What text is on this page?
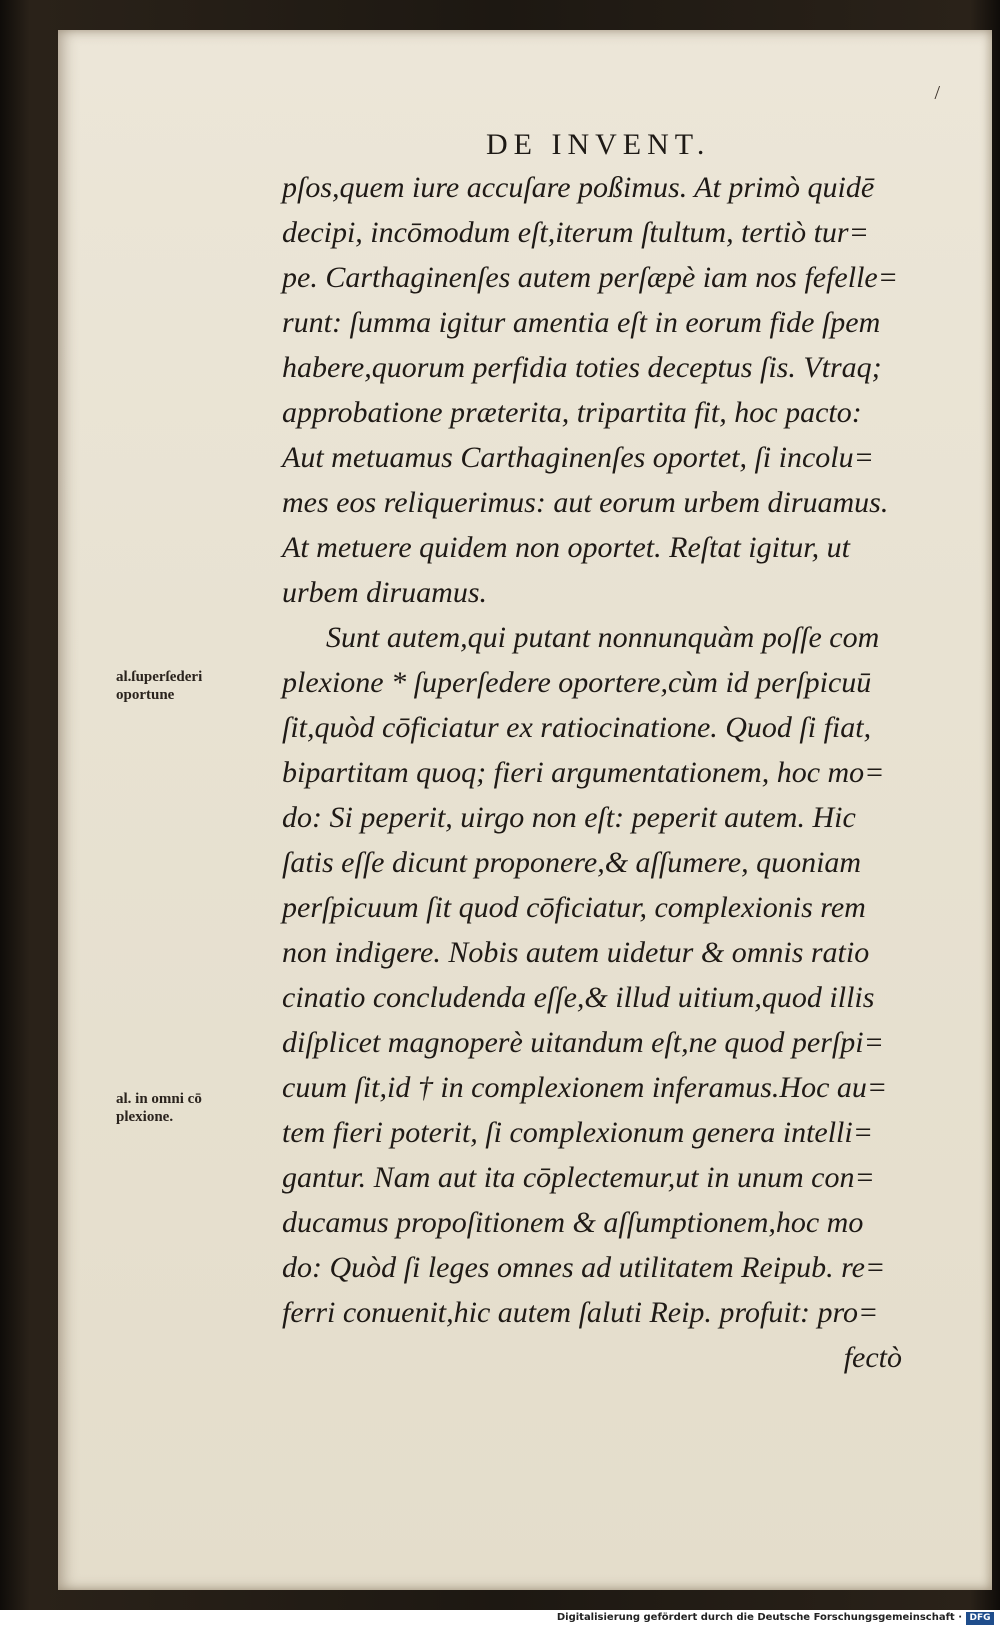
/
DE INVENT.
pſos,quem iure accuſare poßimus. At primò quidē
decipi, incōmodum eſt,iterum ſtultum, tertiò tur=
pe. Carthaginenſes autem perſæpè iam nos fefelle=
runt: ſumma igitur amentia eſt in eorum fide ſpem
habere,quorum perfidia toties deceptus ſis. Vtraq;
approbatione præterita, tripartita fit, hoc pacto:
Aut metuamus Carthaginenſes oportet, ſi incolu=
mes eos reliquerimus: aut eorum urbem diruamus.
At metuere quidem non oportet. Reſtat igitur, ut
urbem diruamus.
Sunt autem,qui putant nonnunquàm poſſe com
plexione * ſuperſedere oportere,cùm id perſpicuū
ſit,quòd cōficiatur ex ratiocinatione. Quod ſi fiat,
bipartitam quoq; fieri argumentationem, hoc mo=
do: Si peperit, uirgo non eſt: peperit autem. Hic
ſatis eſſe dicunt proponere,& aſſumere, quoniam
perſpicuum ſit quod cōficiatur, complexionis rem
non indigere. Nobis autem uidetur & omnis ratio
cinatio concludenda eſſe,& illud uitium,quod illis
diſplicet magnoperè uitandum eſt,ne quod perſpi=
cuum ſit,id † in complexionem inferamus.Hoc au=
tem fieri poterit, ſi complexionum genera intelli=
gantur. Nam aut ita cōplectemur,ut in unum con=
ducamus propoſitionem & aſſumptionem,hoc mo
do: Quòd ſi leges omnes ad utilitatem Reipub. re=
ferri conuenit,hic autem ſaluti Reip. profuit: pro=
fectò
al.ſuperſederi
oportune
al. in omni cō
plexione.
Digitalisierung gefördert durch die Deutsche Forschungsgemeinschaft · DFG
